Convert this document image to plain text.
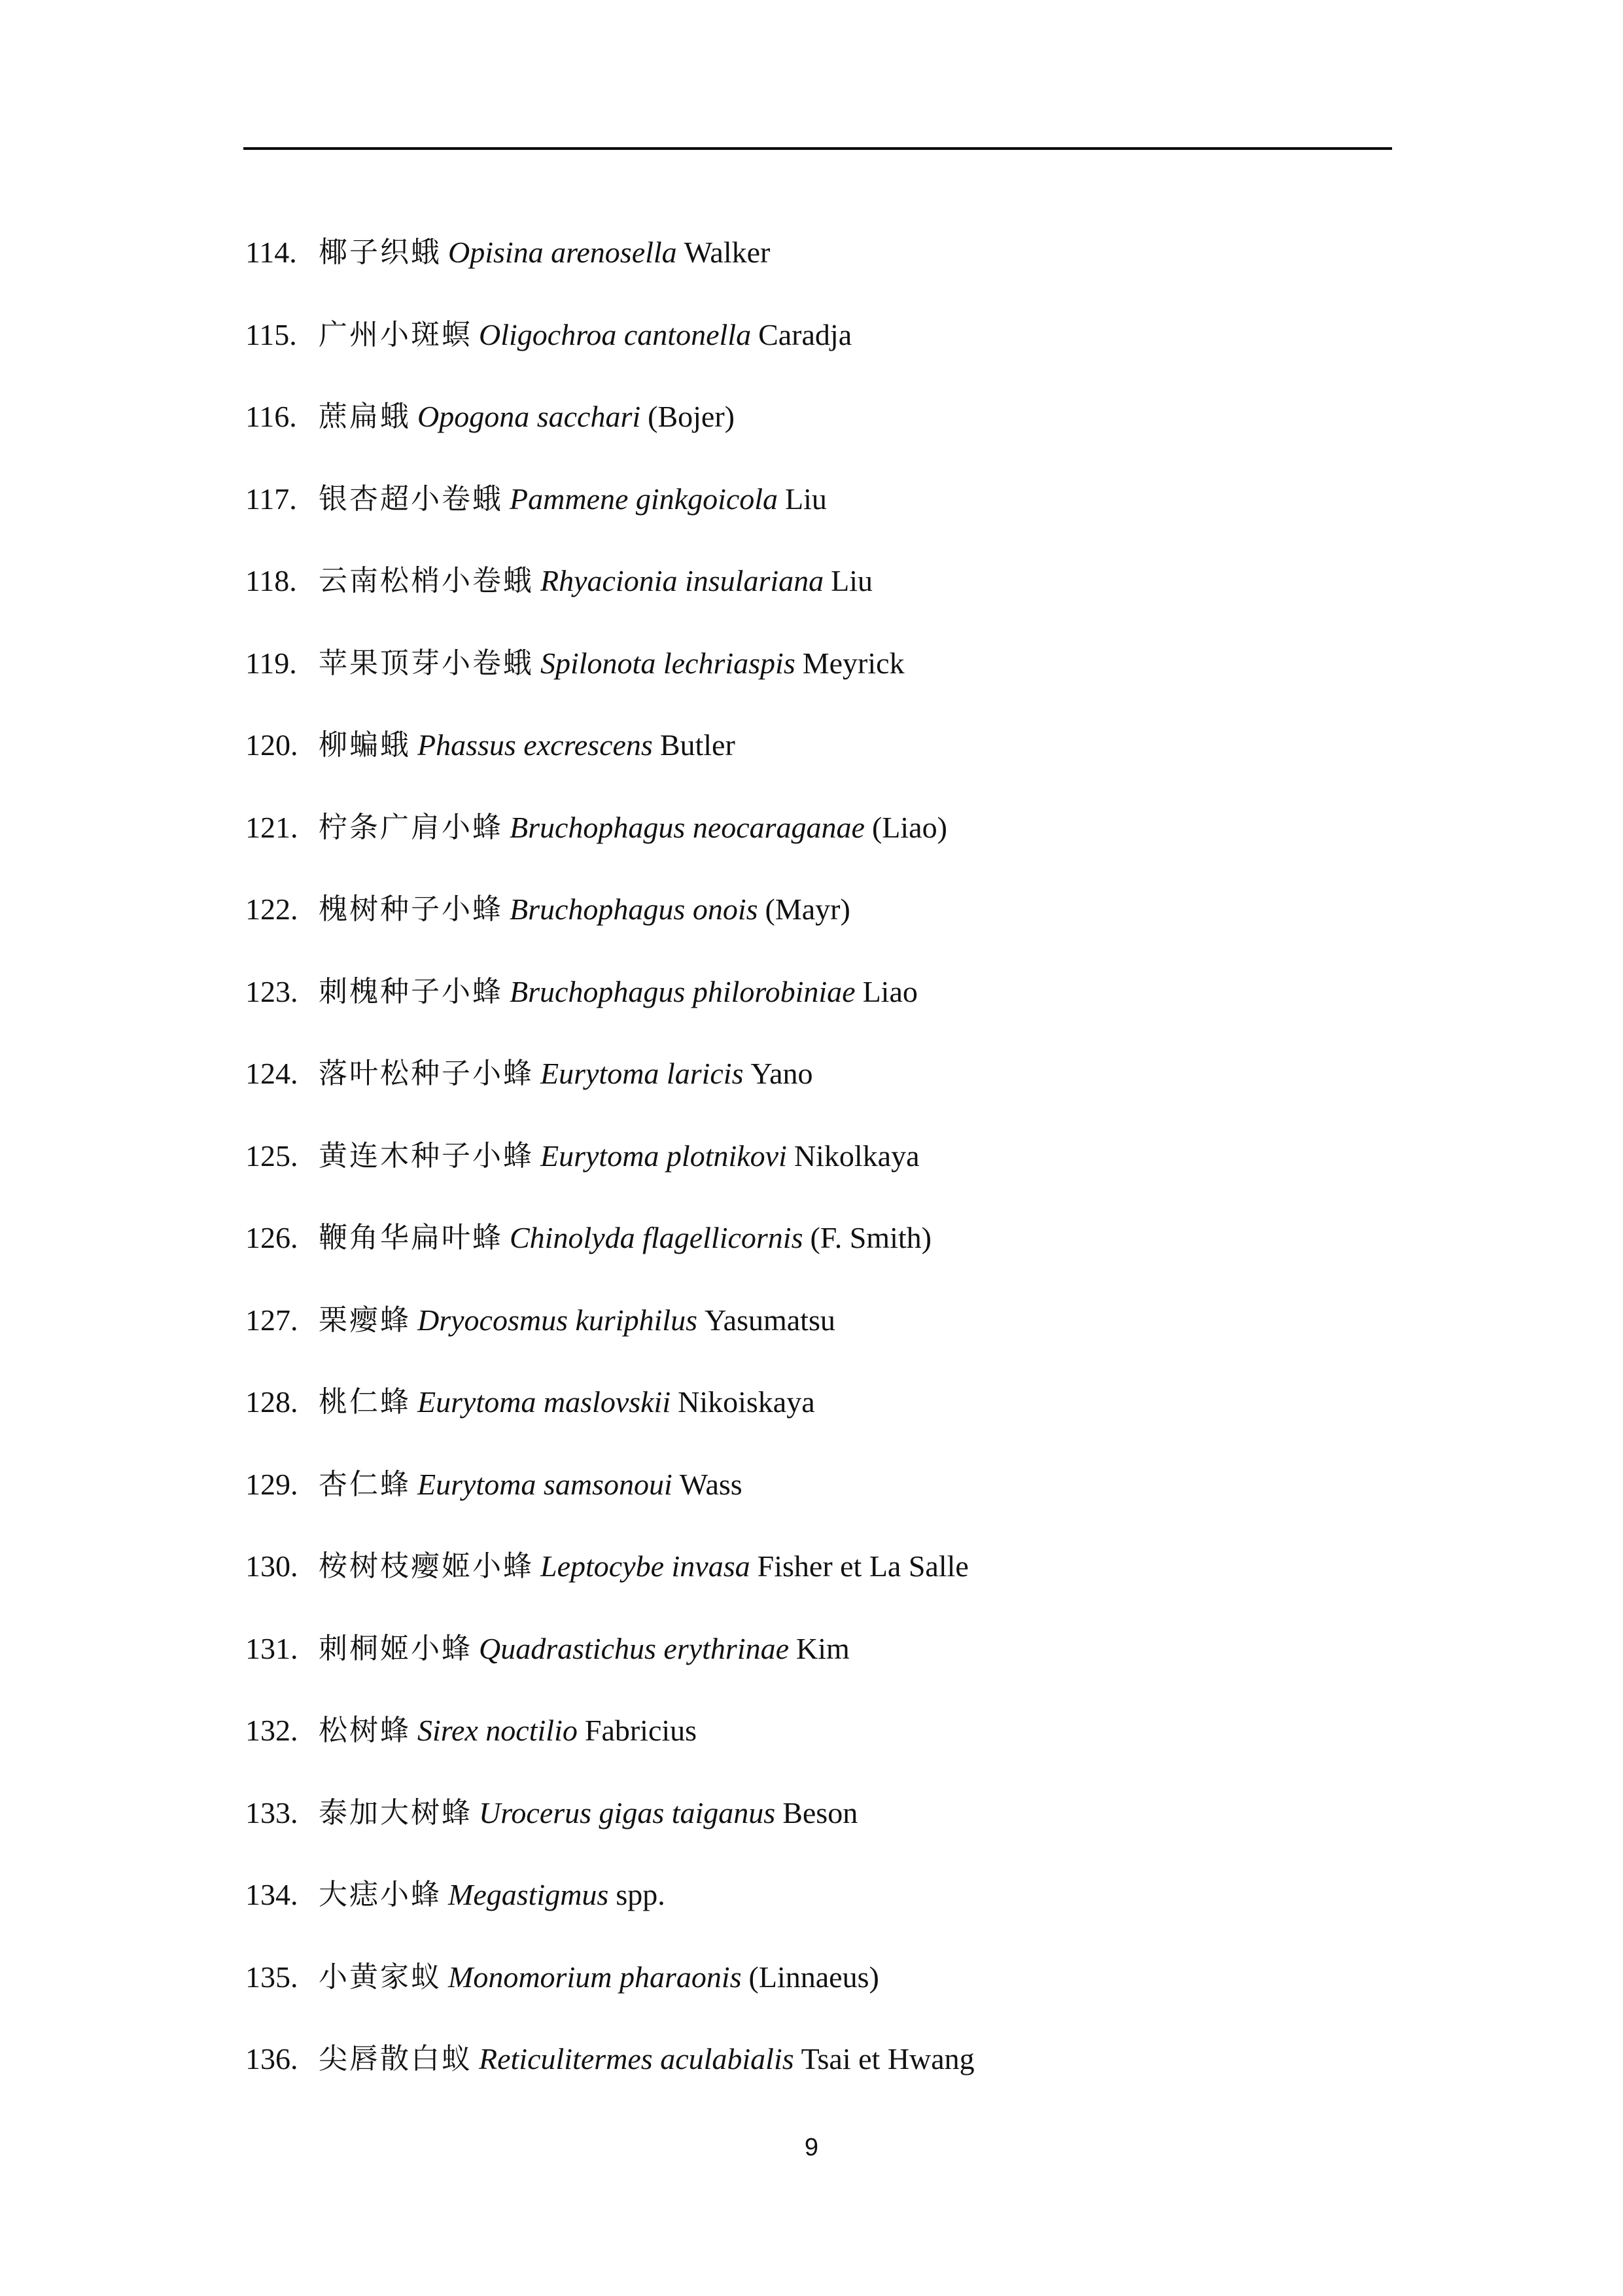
114. 椰子织蛾 Opisina arenosella Walker
115. 广州小斑螟 Oligochroa cantonella Caradja
116. 蔗扁蛾 Opogona sacchari (Bojer)
117. 银杏超小卷蛾 Pammene ginkgoicola Liu
118. 云南松梢小卷蛾 Rhyacionia insulariana Liu
119. 苹果顶芽小卷蛾 Spilonota lechriaspis Meyrick
120. 柳蝙蛾 Phassus excrescens Butler
121. 柠条广肩小蜂 Bruchophagus neocaraganae (Liao)
122. 槐树种子小蜂 Bruchophagus onois (Mayr)
123. 刺槐种子小蜂 Bruchophagus philorobiniae Liao
124. 落叶松种子小蜂 Eurytoma laricis Yano
125. 黄连木种子小蜂 Eurytoma plotnikovi Nikolkaya
126. 鞭角华扁叶蜂 Chinolyda flagellicornis (F. Smith)
127. 栗瘿蜂 Dryocosmus kuriphilus Yasumatsu
128. 桃仁蜂 Eurytoma maslovskii Nikoiskaya
129. 杏仁蜂 Eurytoma samsonoui Wass
130. 桉树枝瘿姬小蜂 Leptocybe invasa Fisher et La Salle
131. 刺桐姬小蜂 Quadrastichus erythrinae Kim
132. 松树蜂 Sirex noctilio Fabricius
133. 泰加大树蜂 Urocerus gigas taiganus Beson
134. 大痣小蜂 Megastigmus spp.
135. 小黄家蚁 Monomorium pharaonis (Linnaeus)
136. 尖唇散白蚁 Reticulitermes aculabialis Tsai et Hwang
9
